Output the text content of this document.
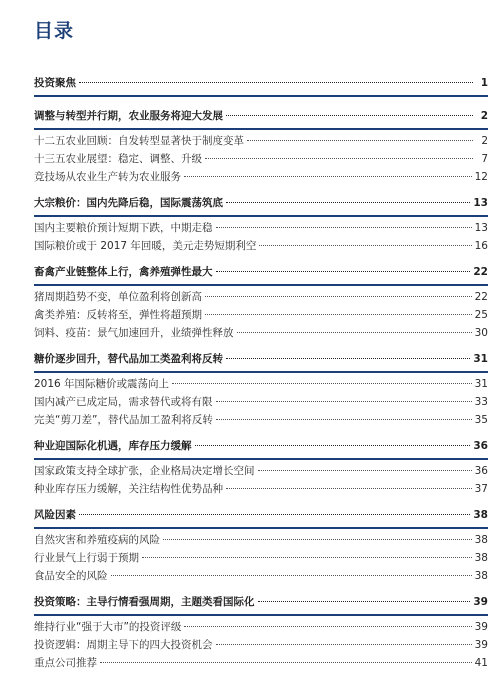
目录
投资聚焦	1
调整与转型并行期，农业服务将迎大发展	2
十二五农业回顾：自发转型显著快于制度变革	2
十三五农业展望：稳定、调整、升级	7
竞技场从农业生产转为农业服务	12
大宗粮价：国内先降后稳，国际震荡筑底	13
国内主要粮价预计短期下跌，中期走稳	13
国际粮价或于 2017 年回暖，美元走势短期利空	16
畜禽产业链整体上行，禽养殖弹性最大	22
猪周期趋势不变，单位盈利将创新高	22
禽类养殖：反转将至，弹性将超预期	25
饲料、疫苗：景气加速回升，业绩弹性释放	30
糖价逐步回升，替代品加工类盈利将反转	31
2016 年国际糖价或震荡向上	31
国内减产已成定局，需求替代或将有限	33
完美“剪刀差”，替代品加工盈利将反转	35
种业迎国际化机遇，库存压力缓解	36
国家政策支持全球扩张，企业格局决定增长空间	36
种业库存压力缓解，关注结构性优势品种	37
风险因素	38
自然灾害和养殖疫病的风险	38
行业景气上行弱于预期	38
食品安全的风险	38
投资策略：主导行情看强周期，主题类看国际化	39
维持行业“强于大市”的投资评级	39
投资逻辑：周期主导下的四大投资机会	39
重点公司推荐	41
